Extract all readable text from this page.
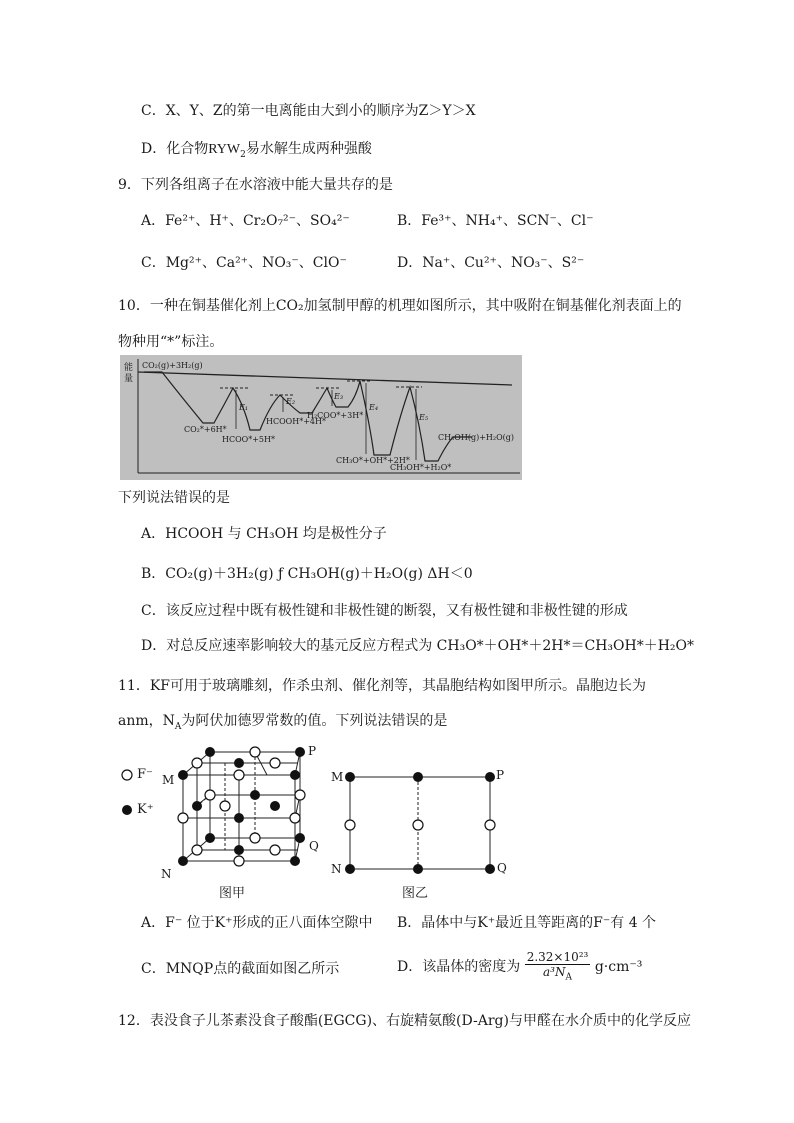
C．X、Y、Z的第一电离能由大到小的顺序为Z＞Y＞X
D．化合物$RYW_2$易水解生成两种强酸
9．下列各组离子在水溶液中能大量共存的是
A．Fe²⁺、H⁺、Cr₂O₇²⁻、SO₄²⁻	B．Fe³⁺、NH₄⁺、SCN⁻、Cl⁻
C．Mg²⁺、Ca²⁺、NO₃⁻、ClO⁻	D．Na⁺、Cu²⁺、NO₃⁻、S²⁻
10．一种在铜基催化剂上CO₂加氢制甲醇的机理如图所示，其中吸附在铜基催化剂表面上的
物种用“*”标注。
能
量
CO₂(g)+3H₂(g)
CO₂*+6H*
HCOO*+5H*
HCOOH*+4H*
H₂COO*+3H*
CH₃O*+OH*+2H*
CH₃OH*+H₂O*
CH₃OH(g)+H₂O(g)
E₁
E₂
E₃
E₄
E₅
下列说法错误的是
A．HCOOH 与 CH₃OH 均是极性分子
B．CO₂(g)＋3H₂(g) ƒ CH₃OH(g)＋H₂O(g) ΔH＜0
C．该反应过程中既有极性键和非极性键的断裂，又有极性键和非极性键的形成
D．对总反应速率影响较大的基元反应方程式为 CH₃O*＋OH*＋2H*＝CH₃OH*＋H₂O*
11．KF可用于玻璃雕刻，作杀虫剂、催化剂等，其晶胞结构如图甲所示。晶胞边长为
anm，$N_A$为阿伏加德罗常数的值。下列说法错误的是
F⁻
K⁺
M
N
P
Q
M
N
P
Q
图甲	图乙
A．F⁻ 位于K⁺形成的正八面体空隙中 B．晶体中与K⁺最近且等距离的F⁻有 4 个
C．MNQP点的截面如图乙所示	D．该晶体的密度为 $\frac{\text{2.32×10²³}}{a^3N_A} g\cdot cm^{-3}$
12．表没食子儿茶素没食子酸酯(EGCG)、右旋精氨酸(D-Arg)与甲醛在水介质中的化学反应
